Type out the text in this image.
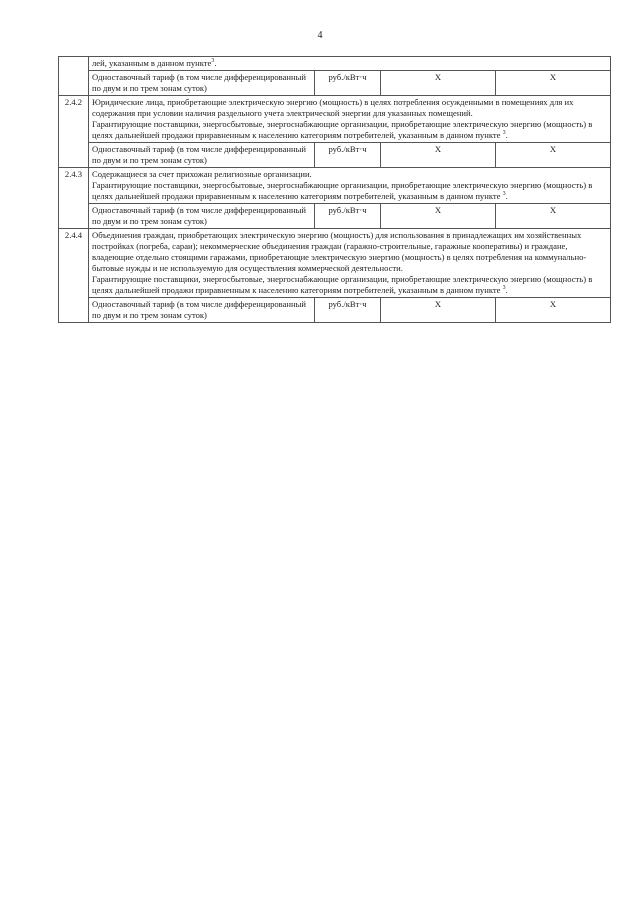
4
	лей, указанным в данном пункте$^3$.			
	Одноставочный тариф (в том числе дифференцированный по двум и по трем зонам суток)	руб./кВт·ч	X	X
2.4.2	Юридические лица, приобретающие электрическую энергию (мощность) в целях потребления осужденными в помещениях для их содержания при условии наличия раздельного учета электрической энергии для указанных помещений.

Гарантирующие поставщики, энергосбытовые, энергоснабжающие организации, приобретающие электрическую энергию (мощность) в целях дальнейшей продажи приравненным к населению категориям потребителей, указанным в данном пункте $^3$.			

	Одноставочный тариф (в том числе дифференцированный по двум и по трем зонам суток)	руб./кВт·ч	X	X
2.4.3	Содержащиеся за счет прихожан религиозные организации.

Гарантирующие поставщики, энергосбытовые, энергоснабжающие организации, приобретающие электрическую энергию (мощность) в целях дальнейшей продажи приравненным к населению категориям потребителей, указанным в данном пункте $^3$.			

	Одноставочный тариф (в том числе дифференцированный по двум и по трем зонам суток)	руб./кВт·ч	X	X
2.4.4	Объединения граждан, приобретающих электрическую энергию (мощность) для использования в принадлежащих им хозяйственных постройках (погреба, сараи); некоммерческие объединения граждан (гаражно-строительные, гаражные кооперативы) и граждане, владеющие отдельно стоящими гаражами, приобретающие электрическую энергию (мощность) в целях потребления на коммунально-бытовые нужды и не используемую для осуществления коммерческой деятельности.

Гарантирующие поставщики, энергосбытовые, энергоснабжающие организации, приобретающие электрическую энергию (мощность) в целях дальнейшей продажи приравненным к населению категориям потребителей, указанным в данном пункте $^3$.			

	Одноставочный тариф (в том числе дифференцированный по двум и по трем зонам суток)	руб./кВт·ч	X	X
